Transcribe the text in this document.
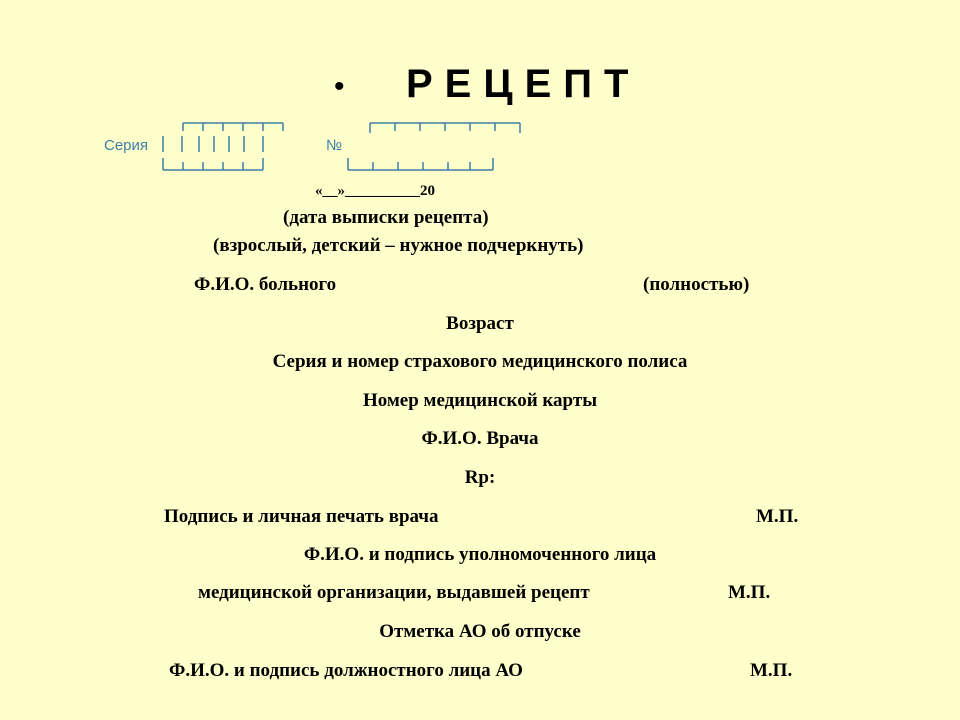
• РЕЦЕПТ
Серия	№
«__»__________20
(дата выписки рецепта)
(взрослый, детский – нужное подчеркнуть)
Ф.И.О. больного	(полностью)
Возраст
Серия и номер страхового медицинского полиса
Номер медицинской карты
Ф.И.О. Врача
Rp:
Подпись и личная печать врача	М.П.
Ф.И.О. и подпись уполномоченного лица
медицинской организации, выдавшей рецепт	М.П.
Отметка АО об отпуске
Ф.И.О. и подпись должностного лица АО	М.П.
